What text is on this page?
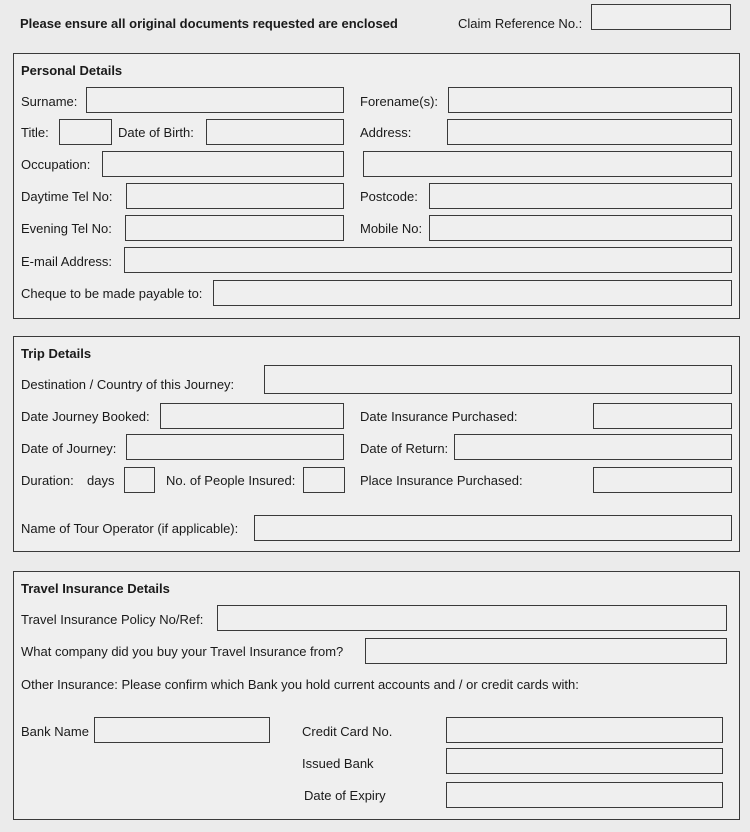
Please ensure all original documents requested are enclosed	Claim Reference No.:
Personal Details
Surname:	Forename(s):
Title:	Date of Birth:	Address:
Occupation:
Daytime Tel No:	Postcode:
Evening Tel No:	Mobile No:
E-mail Address:
Cheque to be made payable to:
Trip Details
Destination / Country of this Journey:
Date Journey Booked:	Date Insurance Purchased:
Date of Journey:	Date of Return:
Duration: days	No. of People Insured:	Place Insurance Purchased:
Name of Tour Operator (if applicable):
Travel Insurance Details
Travel Insurance Policy No/Ref:
What company did you buy your Travel Insurance from?
Other Insurance: Please confirm which Bank you hold current accounts and / or credit cards with:
Bank Name	Credit Card No.
Issued Bank
Date of Expiry
